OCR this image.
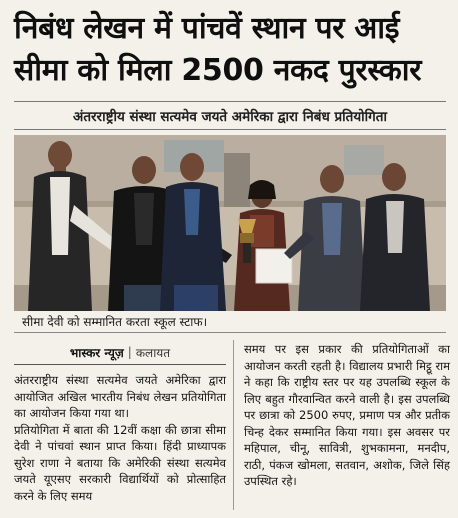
निबंध लेखन में पांचवें स्थान पर आई
सीमा को मिला 2500 नकद पुरस्कार
अंतरराष्ट्रीय संस्था सत्यमेव जयते अमेरिका द्वारा निबंध प्रतियोगिता
सीमा देवी को सम्मानित करता स्कूल स्टाफ।
भास्कर न्यूज़ | कलायत

अंतरराष्ट्रीय संस्था सत्यमेव जयते अमेरिका द्वारा आयोजित अखिल भारतीय निबंध लेखन प्रतियोगिता का आयोजन किया गया था।

प्रतियोगिता में बाता की 12वीं कक्षा की छात्रा सीमा देवी ने पांचवां स्थान प्राप्त किया। हिंदी प्राध्यापक सुरेश राणा ने बताया कि अमेरिकी संस्था सत्यमेव जयते यूएसए सरकारी विद्यार्थियों को प्रोत्साहित करने के लिए समय

समय पर इस प्रकार की प्रतियोगिताओं का आयोजन करती रहती है। विद्यालय प्रभारी मिट्ठू राम ने कहा कि राष्ट्रीय स्तर पर यह उपलब्धि स्कूल के लिए बहुत गौरवान्वित करने वाली है। इस उपलब्धि पर छात्रा को 2500 रुपए, प्रमाण पत्र और प्रतीक चिन्ह देकर सम्मानित किया गया। इस अवसर पर महिपाल, चीनू, सावित्री, शुभकामना, मनदीप, राठी, पंकज खोमला, सतवान, अशोक, जिले सिंह उपस्थित रहे।
